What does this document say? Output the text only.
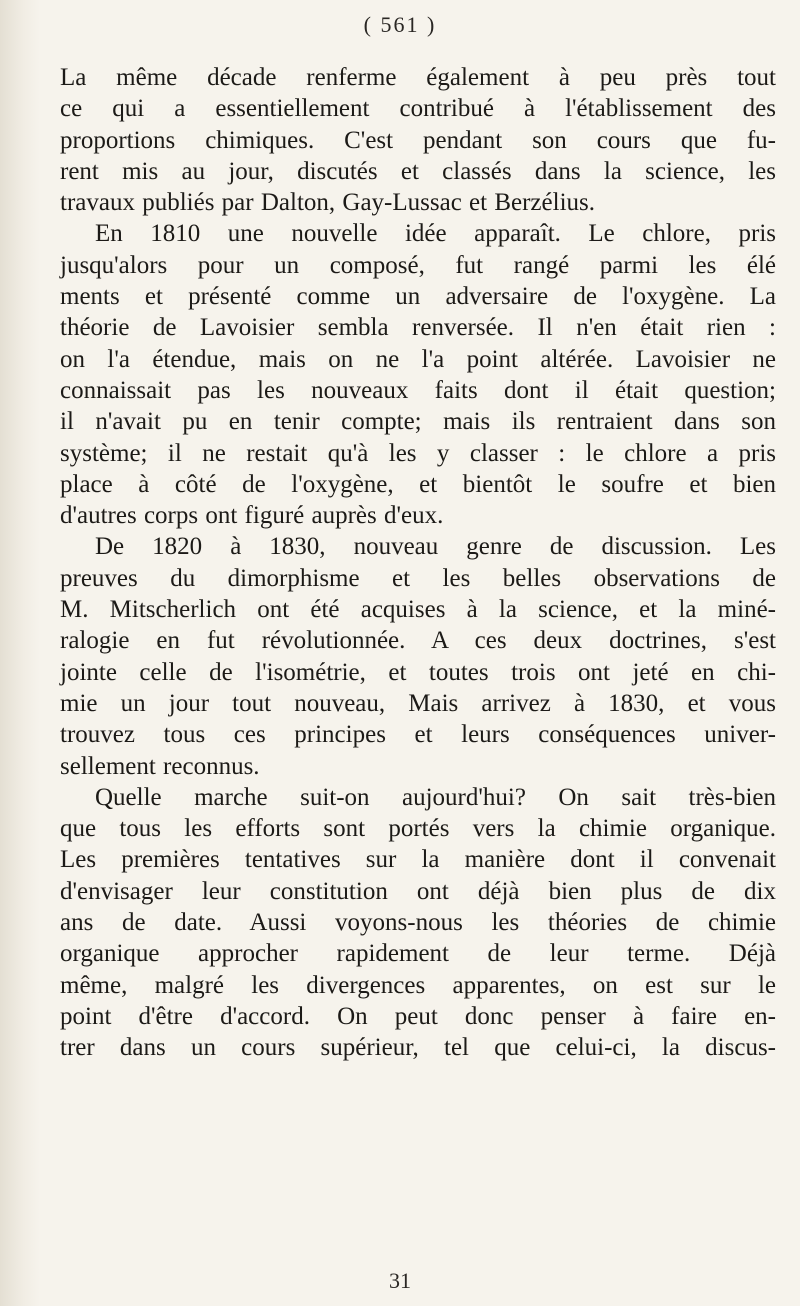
( 561 )
La même décade renferme également à peu près tout
ce qui a essentiellement contribué à l'établissement des
proportions chimiques. C'est pendant son cours que fu-
rent mis au jour, discutés et classés dans la science, les
travaux publiés par Dalton, Gay-Lussac et Berzélius.
En 1810 une nouvelle idée apparaît. Le chlore, pris
jusqu'alors pour un composé, fut rangé parmi les élé
ments et présenté comme un adversaire de l'oxygène. La
théorie de Lavoisier sembla renversée. Il n'en était rien :
on l'a étendue, mais on ne l'a point altérée. Lavoisier ne
connaissait pas les nouveaux faits dont il était question;
il n'avait pu en tenir compte; mais ils rentraient dans son
système; il ne restait qu'à les y classer : le chlore a pris
place à côté de l'oxygène, et bientôt le soufre et bien
d'autres corps ont figuré auprès d'eux.
De 1820 à 1830, nouveau genre de discussion. Les
preuves du dimorphisme et les belles observations de
M. Mitscherlich ont été acquises à la science, et la miné-
ralogie en fut révolutionnée. A ces deux doctrines, s'est
jointe celle de l'isométrie, et toutes trois ont jeté en chi-
mie un jour tout nouveau, Mais arrivez à 1830, et vous
trouvez tous ces principes et leurs conséquences univer-
sellement reconnus.
Quelle marche suit-on aujourd'hui? On sait très-bien
que tous les efforts sont portés vers la chimie organique.
Les premières tentatives sur la manière dont il convenait
d'envisager leur constitution ont déjà bien plus de dix
ans de date. Aussi voyons-nous les théories de chimie
organique approcher rapidement de leur terme. Déjà
même, malgré les divergences apparentes, on est sur le
point d'être d'accord. On peut donc penser à faire en-
trer dans un cours supérieur, tel que celui-ci, la discus-
31
